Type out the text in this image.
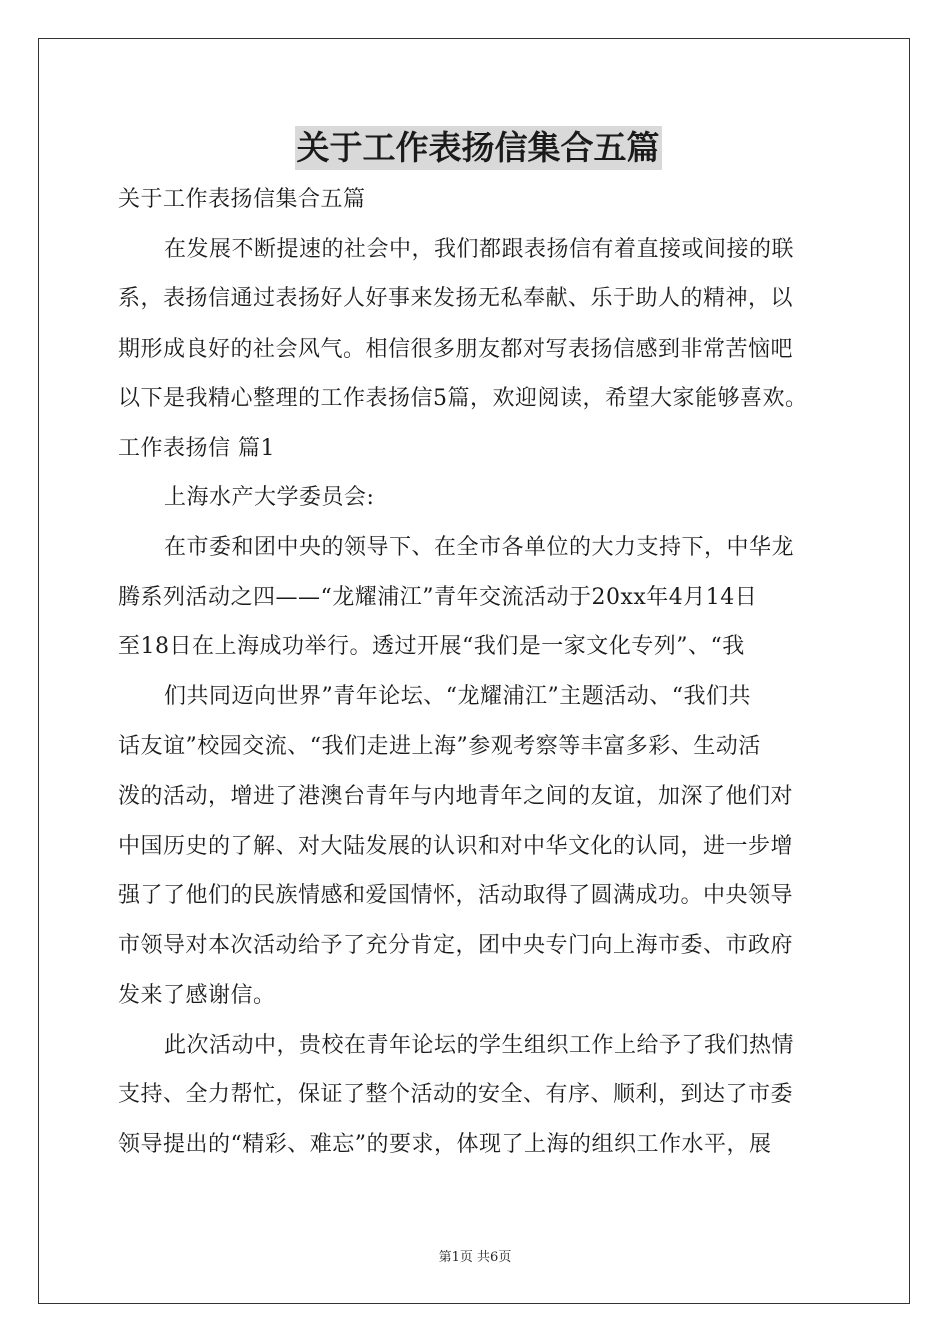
关于工作表扬信集合五篇
关于工作表扬信集合五篇
在发展不断提速的社会中，我们都跟表扬信有着直接或间接的联
系，表扬信通过表扬好人好事来发扬无私奉献、乐于助人的精神，以
期形成良好的社会风气。相信很多朋友都对写表扬信感到非常苦恼吧
以下是我精心整理的工作表扬信5篇，欢迎阅读，希望大家能够喜欢。
工作表扬信 篇1
上海水产大学委员会:
在市委和团中央的领导下、在全市各单位的大力支持下，中华龙
腾系列活动之四——“龙耀浦江”青年交流活动于20xx年4月14日
至18日在上海成功举行。透过开展“我们是一家文化专列”、“我
们共同迈向世界”青年论坛、“龙耀浦江”主题活动、“我们共
话友谊”校园交流、“我们走进上海”参观考察等丰富多彩、生动活
泼的活动，增进了港澳台青年与内地青年之间的友谊，加深了他们对
中国历史的了解、对大陆发展的认识和对中华文化的认同，进一步增
强了了他们的民族情感和爱国情怀，活动取得了圆满成功。中央领导
市领导对本次活动给予了充分肯定，团中央专门向上海市委、市政府
发来了感谢信。
此次活动中，贵校在青年论坛的学生组织工作上给予了我们热情
支持、全力帮忙，保证了整个活动的安全、有序、顺利，到达了市委
领导提出的“精彩、难忘”的要求，体现了上海的组织工作水平，展
第1页 共6页
